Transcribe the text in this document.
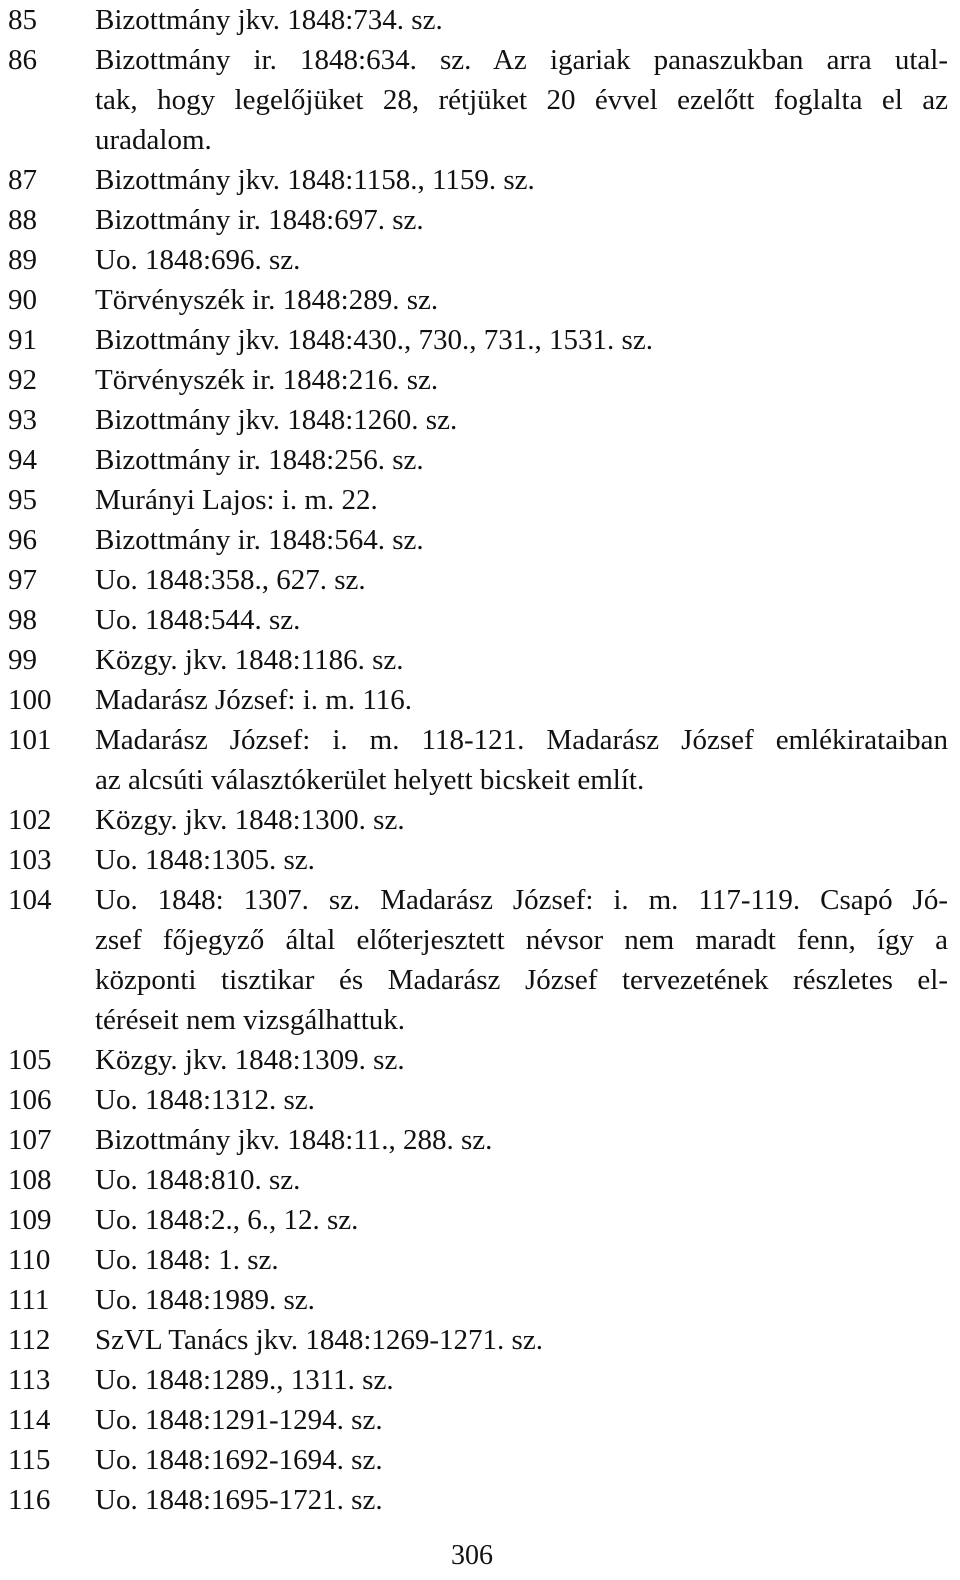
85	Bizottmány jkv. 1848:734. sz.
86	Bizottmány ir. 1848:634. sz. Az igariak panaszukban arra utal-
tak, hogy legelőjüket 28, rétjüket 20 évvel ezelőtt foglalta el az
uradalom.
87	Bizottmány jkv. 1848:1158., 1159. sz.
88	Bizottmány ir. 1848:697. sz.
89	Uo. 1848:696. sz.
90	Törvényszék ir. 1848:289. sz.
91	Bizottmány jkv. 1848:430., 730., 731., 1531. sz.
92	Törvényszék ir. 1848:216. sz.
93	Bizottmány jkv. 1848:1260. sz.
94	Bizottmány ir. 1848:256. sz.
95	Murányi Lajos: i. m. 22.
96	Bizottmány ir. 1848:564. sz.
97	Uo. 1848:358., 627. sz.
98	Uo. 1848:544. sz.
99	Közgy. jkv. 1848:1186. sz.
100	Madarász József: i. m. 116.
101	Madarász József: i. m. 118-121. Madarász József emlékirataiban
az alcsúti választókerület helyett bicskeit említ.
102	Közgy. jkv. 1848:1300. sz.
103	Uo. 1848:1305. sz.
104	Uo. 1848: 1307. sz. Madarász József: i. m. 117-119. Csapó Jó-
zsef főjegyző által előterjesztett névsor nem maradt fenn, így a
központi tisztikar és Madarász József tervezetének részletes el-
téréseit nem vizsgálhattuk.
105	Közgy. jkv. 1848:1309. sz.
106	Uo. 1848:1312. sz.
107	Bizottmány jkv. 1848:11., 288. sz.
108	Uo. 1848:810. sz.
109	Uo. 1848:2., 6., 12. sz.
110	Uo. 1848: 1. sz.
111	Uo. 1848:1989. sz.
112	SzVL Tanács jkv. 1848:1269-1271. sz.
113	Uo. 1848:1289., 1311. sz.
114	Uo. 1848:1291-1294. sz.
115	Uo. 1848:1692-1694. sz.
116	Uo. 1848:1695-1721. sz.
306
